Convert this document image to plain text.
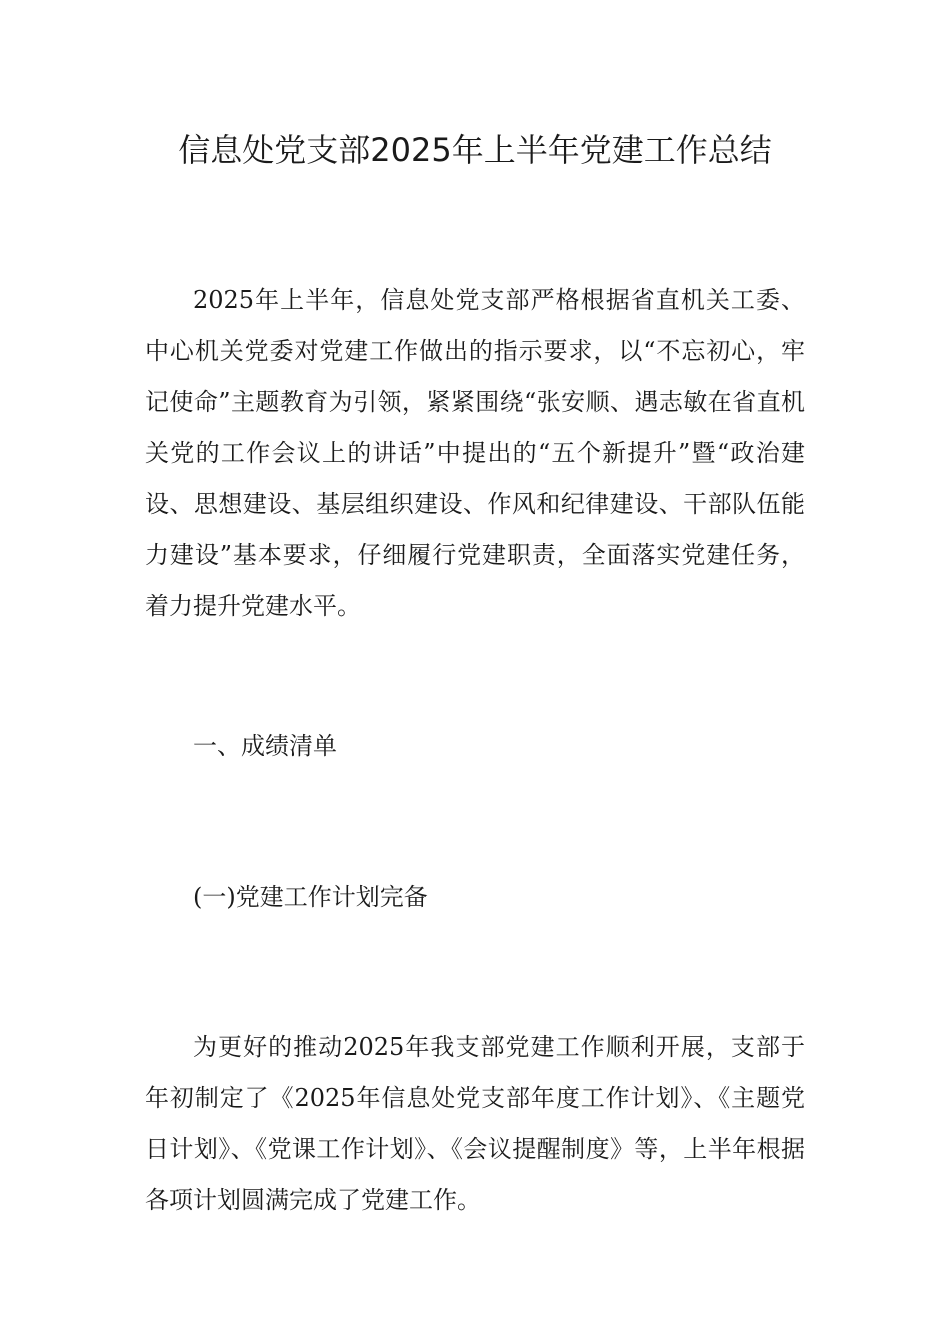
信息处党支部2025年上半年党建工作总结

2025年上半年，信息处党支部严格根据省直机关工委、中心机关党委对党建工作做出的指示要求，以“不忘初心，牢记使命”主题教育为引领，紧紧围绕“张安顺、遇志敏在省直机关党的工作会议上的讲话”中提出的“五个新提升”暨“政治建设、思想建设、基层组织建设、作风和纪律建设、干部队伍能力建设”基本要求，仔细履行党建职责，全面落实党建任务，着力提升党建水平。

一、成绩清单

(一)党建工作计划完备

为更好的推动2025年我支部党建工作顺利开展，支部于年初制定了《2025年信息处党支部年度工作计划》、《主题党日计划》、《党课工作计划》、《会议提醒制度》等，上半年根据各项计划圆满完成了党建工作。
